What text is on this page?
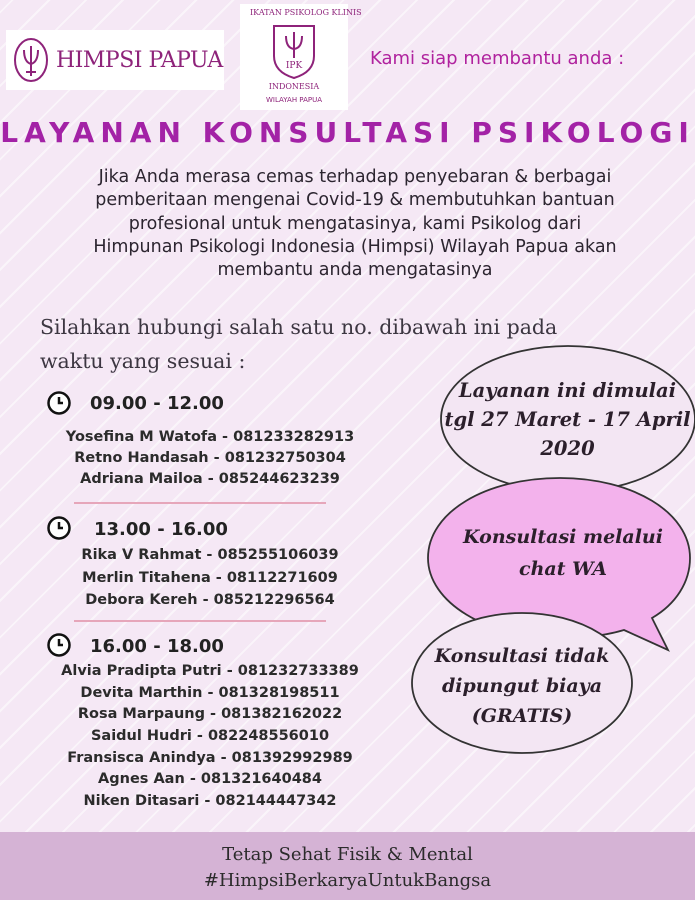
HIMPSI PAPUA
IKATAN PSIKOLOG KLINIS
IPK
INDONESIA
WILAYAH PAPUA
Kami siap membantu anda :
LAYANAN KONSULTASI PSIKOLOGI
Jika Anda merasa cemas terhadap penyebaran & berbagai
pemberitaan mengenai Covid-19 & membutuhkan bantuan
profesional untuk mengatasinya, kami Psikolog dari
Himpunan Psikologi Indonesia (Himpsi) Wilayah Papua akan
membantu anda mengatasinya
Silahkan hubungi salah satu no. dibawah ini pada
waktu yang sesuai :
09.00 - 12.00
Yosefina M Watofa - 081233282913
Retno Handasah - 081232750304
Adriana Mailoa - 085244623239
13.00 - 16.00
Rika V Rahmat - 085255106039
Merlin Titahena - 08112271609
Debora Kereh - 085212296564
16.00 - 18.00
Alvia Pradipta Putri - 081232733389
Devita Marthin - 081328198511
Rosa Marpaung - 081382162022
Saidul Hudri - 082248556010
Fransisca Anindya - 081392992989
Agnes Aan - 081321640484
Niken Ditasari - 082144447342
Layanan ini dimulai
tgl 27 Maret - 17 April
2020
Konsultasi melalui
chat WA
Konsultasi tidak
dipungut biaya
(GRATIS)
Tetap Sehat Fisik & Mental
#HimpsiBerkaryaUntukBangsa
